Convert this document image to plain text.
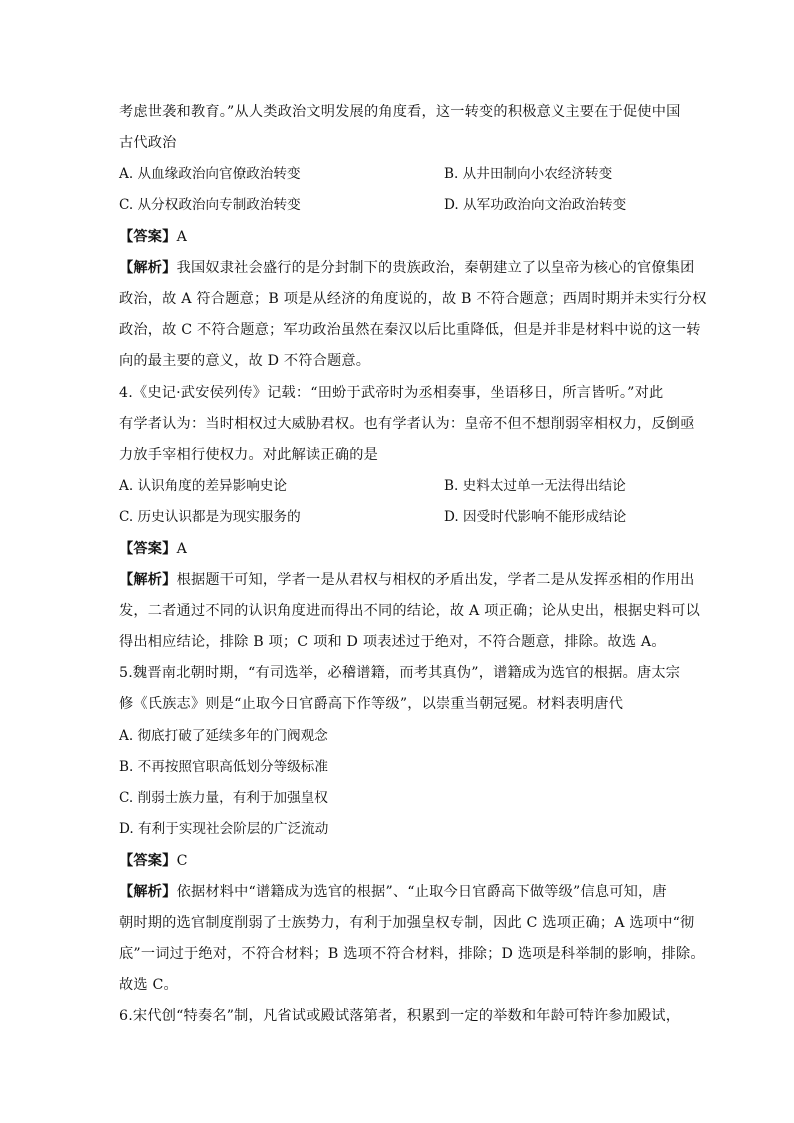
考虑世袭和教育。”从人类政治文明发展的角度看，这一转变的积极意义主要在于促使中国
古代政治
A. 从血缘政治向官僚政治转变	B. 从井田制向小农经济转变
C. 从分权政治向专制政治转变	D. 从军功政治向文治政治转变
【答案】A
【解析】我国奴隶社会盛行的是分封制下的贵族政治，秦朝建立了以皇帝为核心的官僚集团
政治，故 A 符合题意；B 项是从经济的角度说的，故 B 不符合题意；西周时期并未实行分权
政治，故 C 不符合题意；军功政治虽然在秦汉以后比重降低，但是并非是材料中说的这一转
向的最主要的意义，故 D 不符合题意。
4.《史记·武安侯列传》记载：“田蚡于武帝时为丞相奏事，坐语移日，所言皆听。”对此
有学者认为：当时相权过大威胁君权。也有学者认为：皇帝不但不想削弱宰相权力，反倒亟
力放手宰相行使权力。对此解读正确的是
A. 认识角度的差异影响史论	B. 史料太过单一无法得出结论
C. 历史认识都是为现实服务的	D. 因受时代影响不能形成结论
【答案】A
【解析】根据题干可知，学者一是从君权与相权的矛盾出发，学者二是从发挥丞相的作用出
发，二者通过不同的认识角度进而得出不同的结论，故 A 项正确；论从史出，根据史料可以
得出相应结论，排除 B 项；C 项和 D 项表述过于绝对，不符合题意，排除。故选 A。
5.魏晋南北朝时期，“有司选举，必稽谱籍，而考其真伪”，谱籍成为选官的根据。唐太宗
修《氏族志》则是“止取今日官爵高下作等级”，以崇重当朝冠冕。材料表明唐代
A. 彻底打破了延续多年的门阀观念
B. 不再按照官职高低划分等级标准
C. 削弱士族力量，有利于加强皇权
D. 有利于实现社会阶层的广泛流动
【答案】C
【解析】依据材料中“谱籍成为选官的根据”、“止取今日官爵高下做等级”信息可知，唐
朝时期的选官制度削弱了士族势力，有利于加强皇权专制，因此 C 选项正确；A 选项中“彻
底”一词过于绝对，不符合材料；B 选项不符合材料，排除；D 选项是科举制的影响，排除。
故选 C。
6.宋代创“特奏名”制，凡省试或殿试落第者，积累到一定的举数和年龄可特许参加殿试，
